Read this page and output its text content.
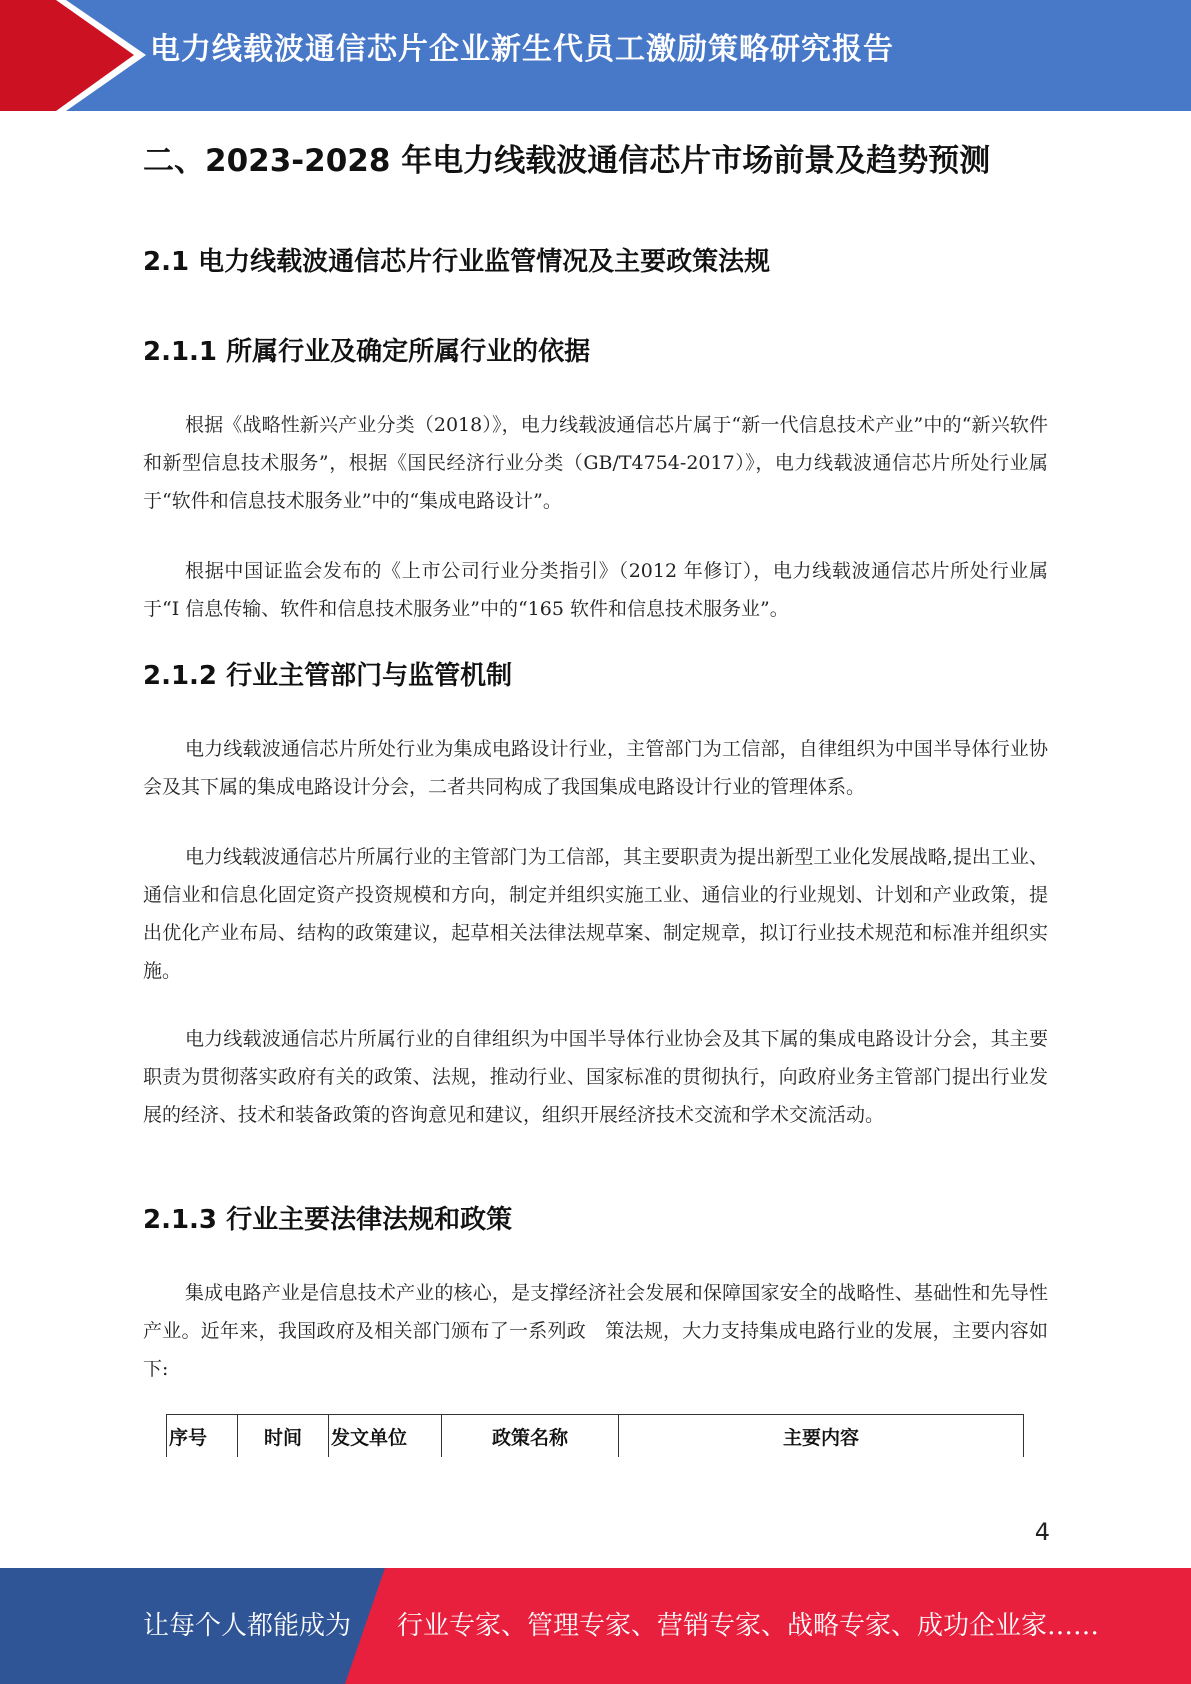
电力线载波通信芯片企业新生代员工激励策略研究报告
二、2023-2028 年电力线载波通信芯片市场前景及趋势预测
2.1 电力线载波通信芯片行业监管情况及主要政策法规
2.1.1 所属行业及确定所属行业的依据

根据《战略性新兴产业分类（2018）》，电力线载波通信芯片属于“新一代信息技术产业”中的“新兴软件和新型信息技术服务”，根据《国民经济行业分类（GB/T4754-2017）》，电力线载波通信芯片所处行业属于“软件和信息技术服务业”中的“集成电路设计”。

根据中国证监会发布的《上市公司行业分类指引》（2012 年修订），电力线载波通信芯片所处行业属于“I 信息传输、软件和信息技术服务业”中的“165 软件和信息技术服务业”。

2.1.2 行业主管部门与监管机制

电力线载波通信芯片所处行业为集成电路设计行业，主管部门为工信部，自律组织为中国半导体行业协会及其下属的集成电路设计分会，二者共同构成了我国集成电路设计行业的管理体系。

电力线载波通信芯片所属行业的主管部门为工信部，其主要职责为提出新型工业化发展战略,提出工业、通信业和信息化固定资产投资规模和方向，制定并组织实施工业、通信业的行业规划、计划和产业政策，提出优化产业布局、结构的政策建议，起草相关法律法规草案、制定规章，拟订行业技术规范和标准并组织实施。

电力线载波通信芯片所属行业的自律组织为中国半导体行业协会及其下属的集成电路设计分会，其主要职责为贯彻落实政府有关的政策、法规，推动行业、国家标准的贯彻执行，向政府业务主管部门提出行业发展的经济、技术和装备政策的咨询意见和建议，组织开展经济技术交流和学术交流活动。

2.1.3 行业主要法律法规和政策

集成电路产业是信息技术产业的核心，是支撑经济社会发展和保障国家安全的战略性、基础性和先导性产业。近年来，我国政府及相关部门颁布了一系列政　策法规，大力支持集成电路行业的发展，主要内容如下:

序号	时间	发文单位	政策名称	主要内容
4
让每个人都能成为 行业专家、管理专家、营销专家、战略专家、成功企业家……
